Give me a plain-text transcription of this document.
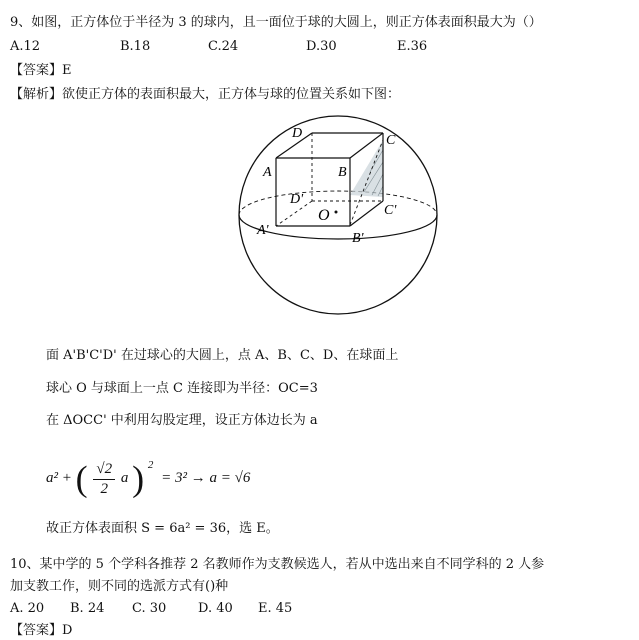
9、如图，正方体位于半径为 3 的球内，且一面位于球的大圆上，则正方体表面积最大为（）
A.12	B.18	C.24	D.30	E.36
【答案】E
【解析】欲使正方体的表面积最大，正方体与球的位置关系如下图：
D	C
A	B
D'
O	C'
A'
B'
面 A'B'C'D' 在过球心的大圆上，点 A、B、C、D、在球面上
球心 O 与球面上一点 C 连接即为半径：OC=3
在 ΔOCC' 中利用勾股定理，设正方体边长为 a
a² + ( $\frac{√2}{2}$ a ) $^2$ = 3² → a = √6
故正方体表面积 S = 6a² = 36，选 E。
10、某中学的 5 个学科各推荐 2 名教师作为支教候选人，若从中选出来自不同学科的 2 人参
加支教工作，则不同的选派方式有()种
A. 20 B. 24 C. 30 D. 40 E. 45
【答案】D
